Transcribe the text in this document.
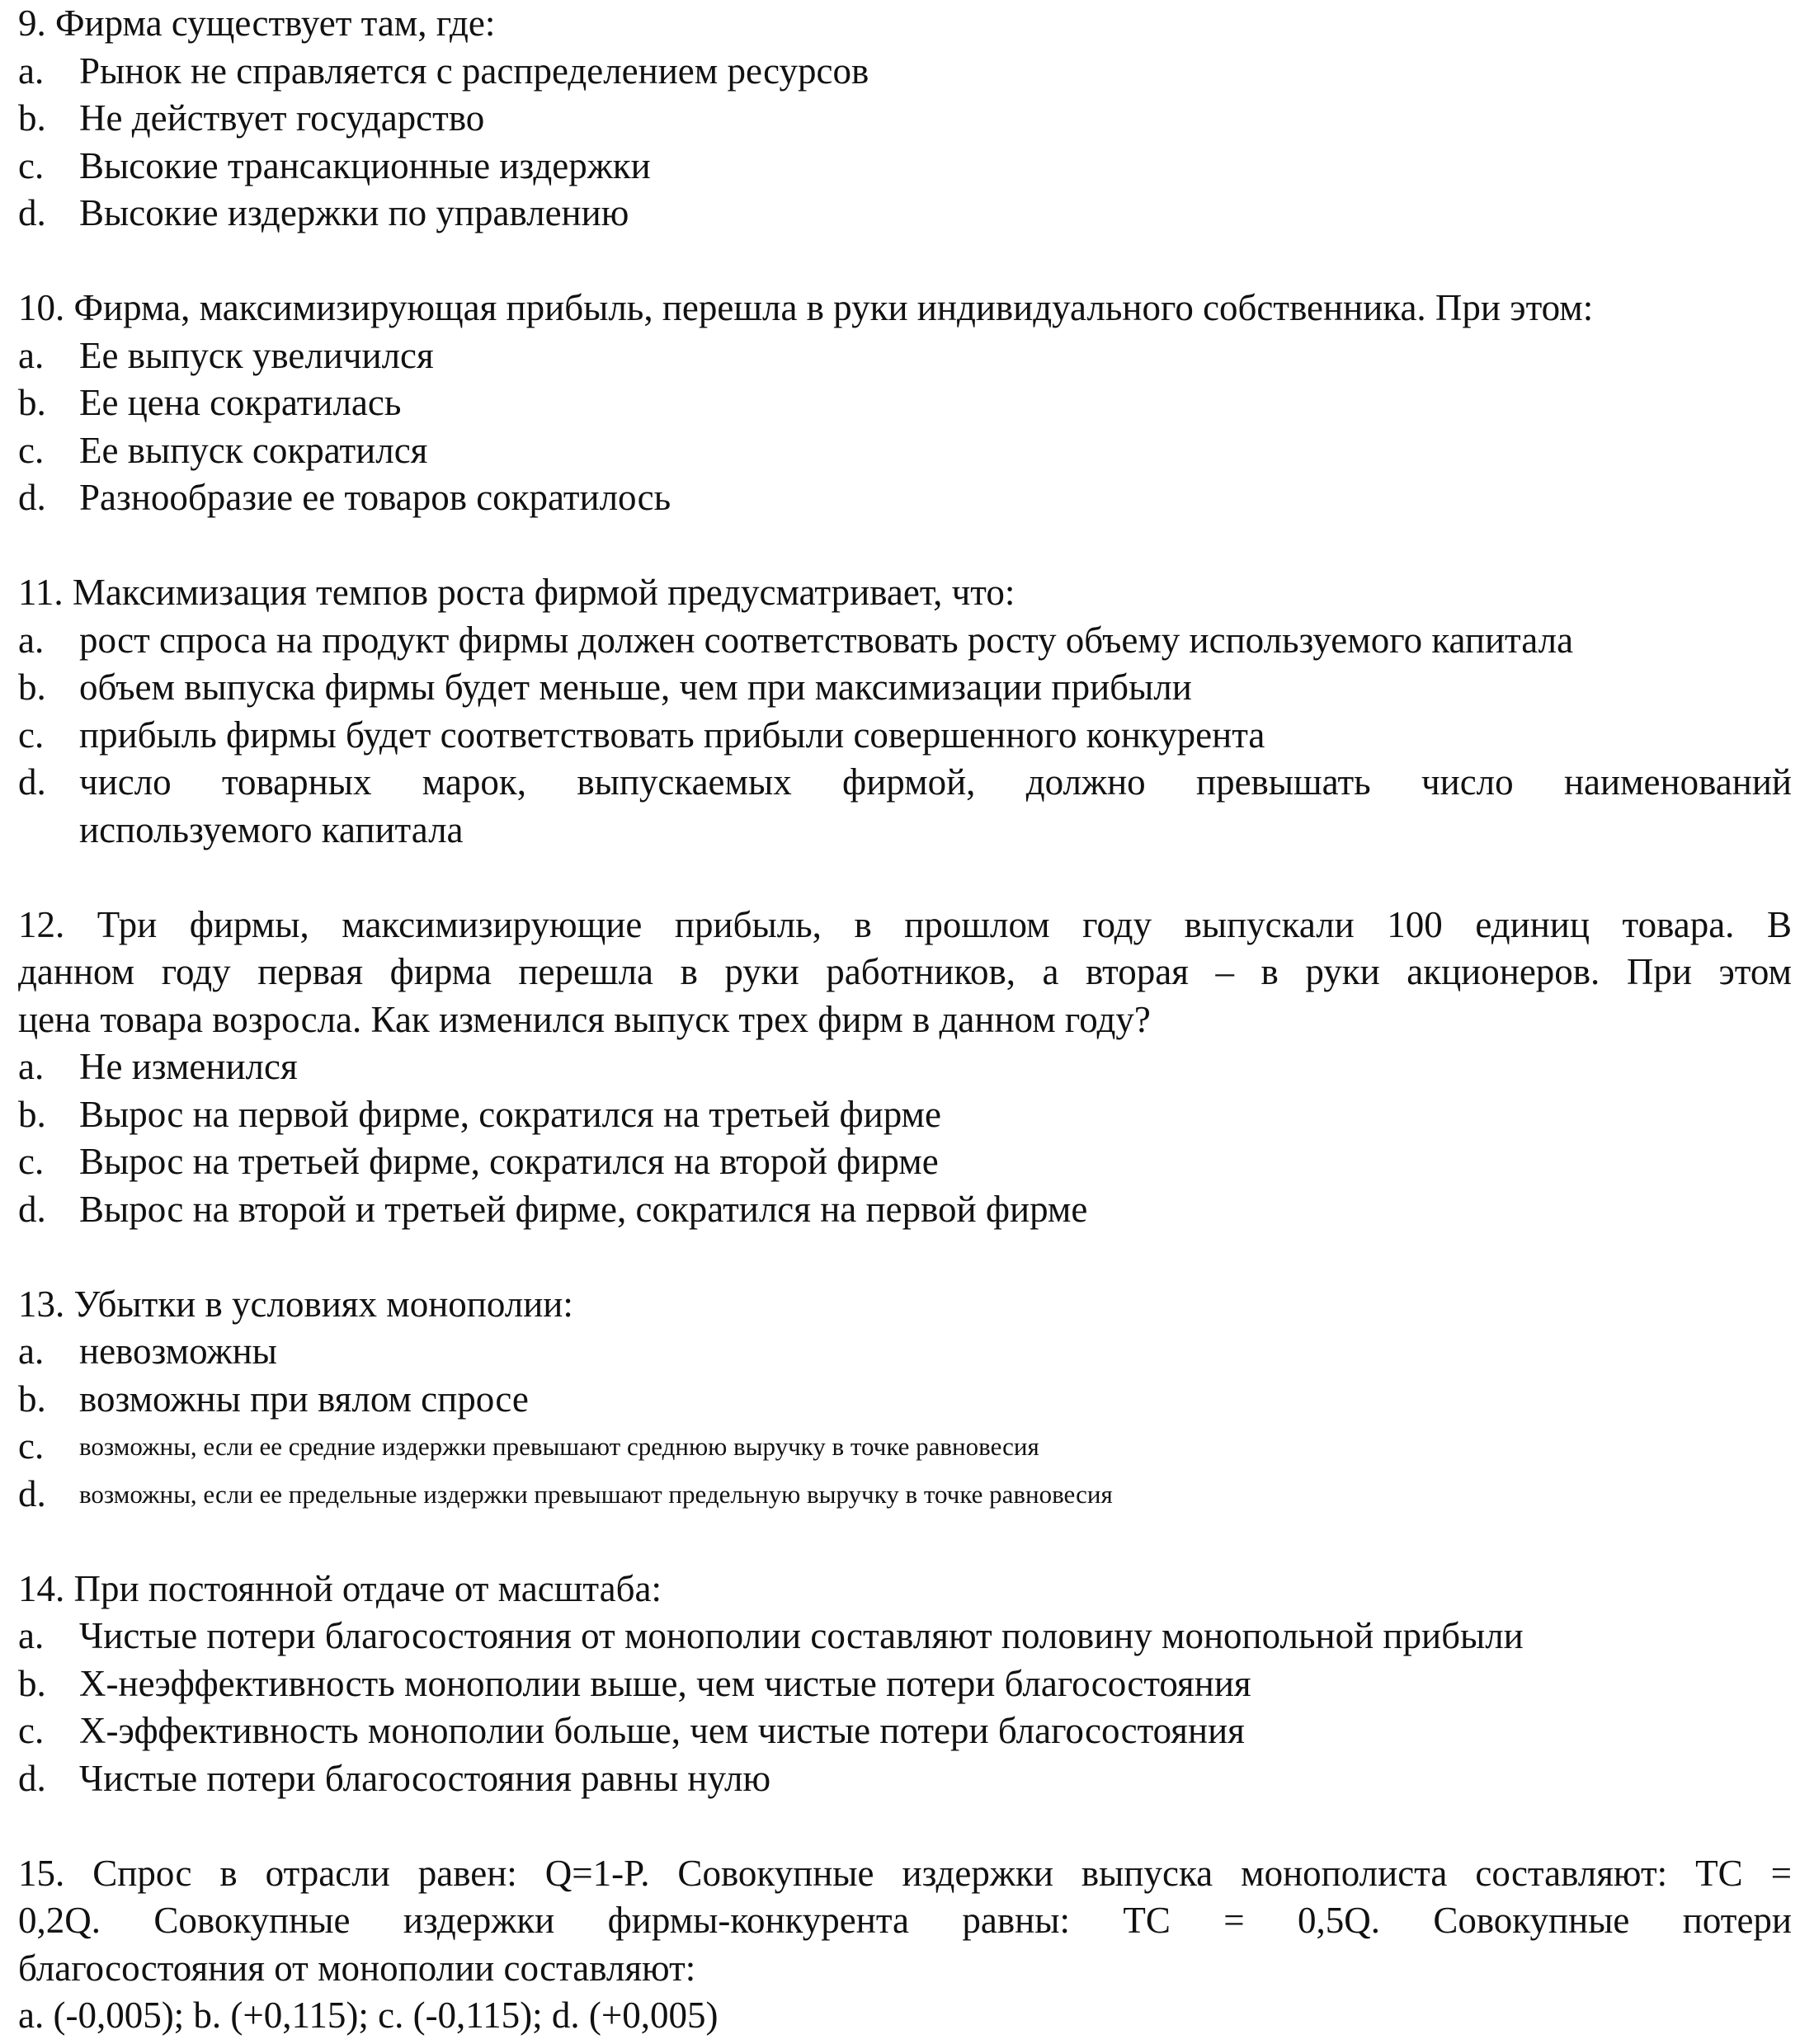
9. Фирма существует там, где:
a. Рынок не справляется с распределением ресурсов
b. Не действует государство
c. Высокие трансакционные издержки
d. Высокие издержки по управлению
10. Фирма, максимизирующая прибыль, перешла в руки индивидуального собственника. При этом:
a. Ее выпуск увеличился
b. Ее цена сократилась
c. Ее выпуск сократился
d. Разнообразие ее товаров сократилось
11. Максимизация темпов роста фирмой предусматривает, что:
a. рост спроса на продукт фирмы должен соответствовать росту объему используемого капитала
b. объем выпуска фирмы будет меньше, чем при максимизации прибыли
c. прибыль фирмы будет соответствовать прибыли совершенного конкурента
d. число товарных марок, выпускаемых фирмой, должно превышать число наименований
используемого капитала
12. Три фирмы, максимизирующие прибыль, в прошлом году выпускали 100 единиц товара. В
данном году первая фирма перешла в руки работников, а вторая – в руки акционеров. При этом
цена товара возросла. Как изменился выпуск трех фирм в данном году?
a. Не изменился
b. Вырос на первой фирме, сократился на третьей фирме
c. Вырос на третьей фирме, сократился на второй фирме
d. Вырос на второй и третьей фирме, сократился на первой фирме
13. Убытки в условиях монополии:
a. невозможны
b. возможны при вялом спросе
c.	возможны, если ее средние издержки превышают среднюю выручку в точке равновесия
d.	возможны, если ее предельные издержки превышают предельную выручку в точке равновесия
14. При постоянной отдаче от масштаба:
a. Чистые потери благосостояния от монополии составляют половину монопольной прибыли
b. Х-неэффективность монополии выше, чем чистые потери благосостояния
c. Х-эффективность монополии больше, чем чистые потери благосостояния
d. Чистые потери благосостояния равны нулю
15. Спрос в отрасли равен: Q=1-P. Совокупные издержки выпуска монополиста составляют: TC =
0,2Q. Совокупные издержки фирмы-конкурента равны: TC = 0,5Q. Совокупные потери
благосостояния от монополии составляют:
a. (-0,005); b. (+0,115); c. (-0,115); d. (+0,005)
